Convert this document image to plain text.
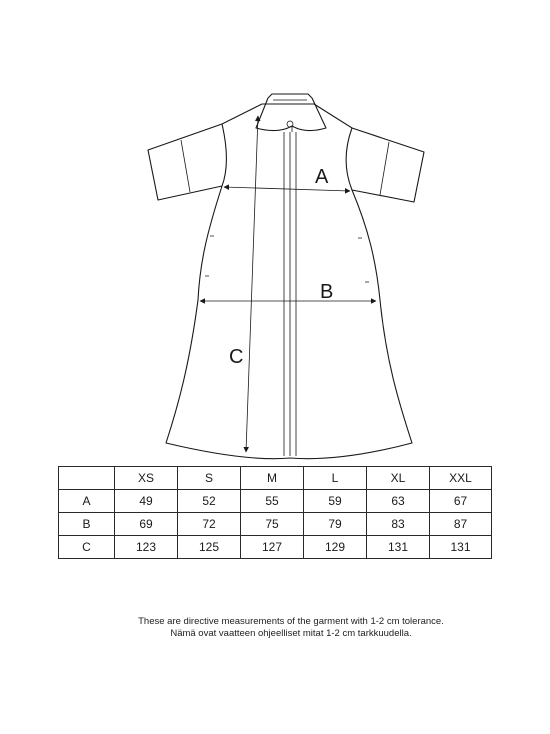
A
B
C
	XS	S	M	L	XL	XXL
A	49	52	55	59	63	67
B	69	72	75	79	83	87
C	123	125	127	129	131	131
These are directive measurements of the garment with 1-2 cm tolerance.
Nämä ovat vaatteen ohjeelliset mitat 1-2 cm tarkkuudella.
